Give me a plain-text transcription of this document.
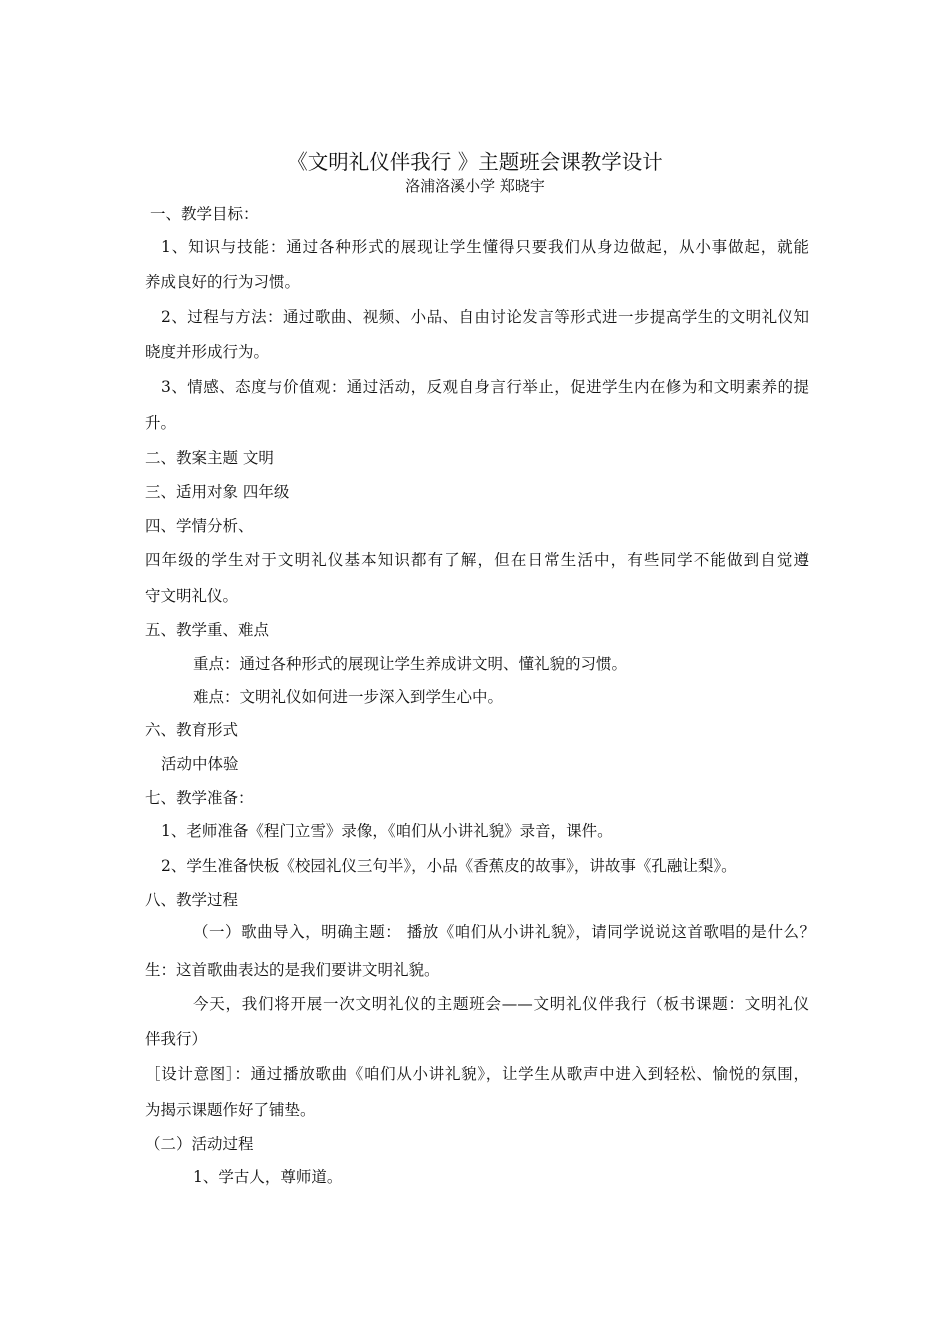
《文明礼仪伴我行 》主题班会课教学设计
洛浦洛溪小学 郑晓宇
一、教学目标：
1、知识与技能：通过各种形式的展现让学生懂得只要我们从身边做起，从小事做起，就能
养成良好的行为习惯。
2、过程与方法：通过歌曲、视频、小品、自由讨论发言等形式进一步提高学生的文明礼仪知
晓度并形成行为。
3、情感、态度与价值观：通过活动，反观自身言行举止，促进学生内在修为和文明素养的提
升。
二、教案主题 文明
三、适用对象 四年级
四、学情分析、
四年级的学生对于文明礼仪基本知识都有了解，但在日常生活中，有些同学不能做到自觉遵
守文明礼仪。
五、教学重、难点
重点：通过各种形式的展现让学生养成讲文明、懂礼貌的习惯。
难点：文明礼仪如何进一步深入到学生心中。
六、教育形式
活动中体验
七、教学准备：
1、老师准备《程门立雪》录像，《咱们从小讲礼貌》录音，课件。
2、学生准备快板《校园礼仪三句半》，小品《香蕉皮的故事》，讲故事《孔融让梨》。
八、教学过程
（一）歌曲导入，明确主题： 播放《咱们从小讲礼貌》，请同学说说这首歌唱的是什么？
生：这首歌曲表达的是我们要讲文明礼貌。
今天，我们将开展一次文明礼仪的主题班会——文明礼仪伴我行（板书课题：文明礼仪
伴我行）
［设计意图］：通过播放歌曲《咱们从小讲礼貌》，让学生从歌声中进入到轻松、愉悦的氛围，
为揭示课题作好了铺垫。
（二）活动过程
1、学古人，尊师道。
